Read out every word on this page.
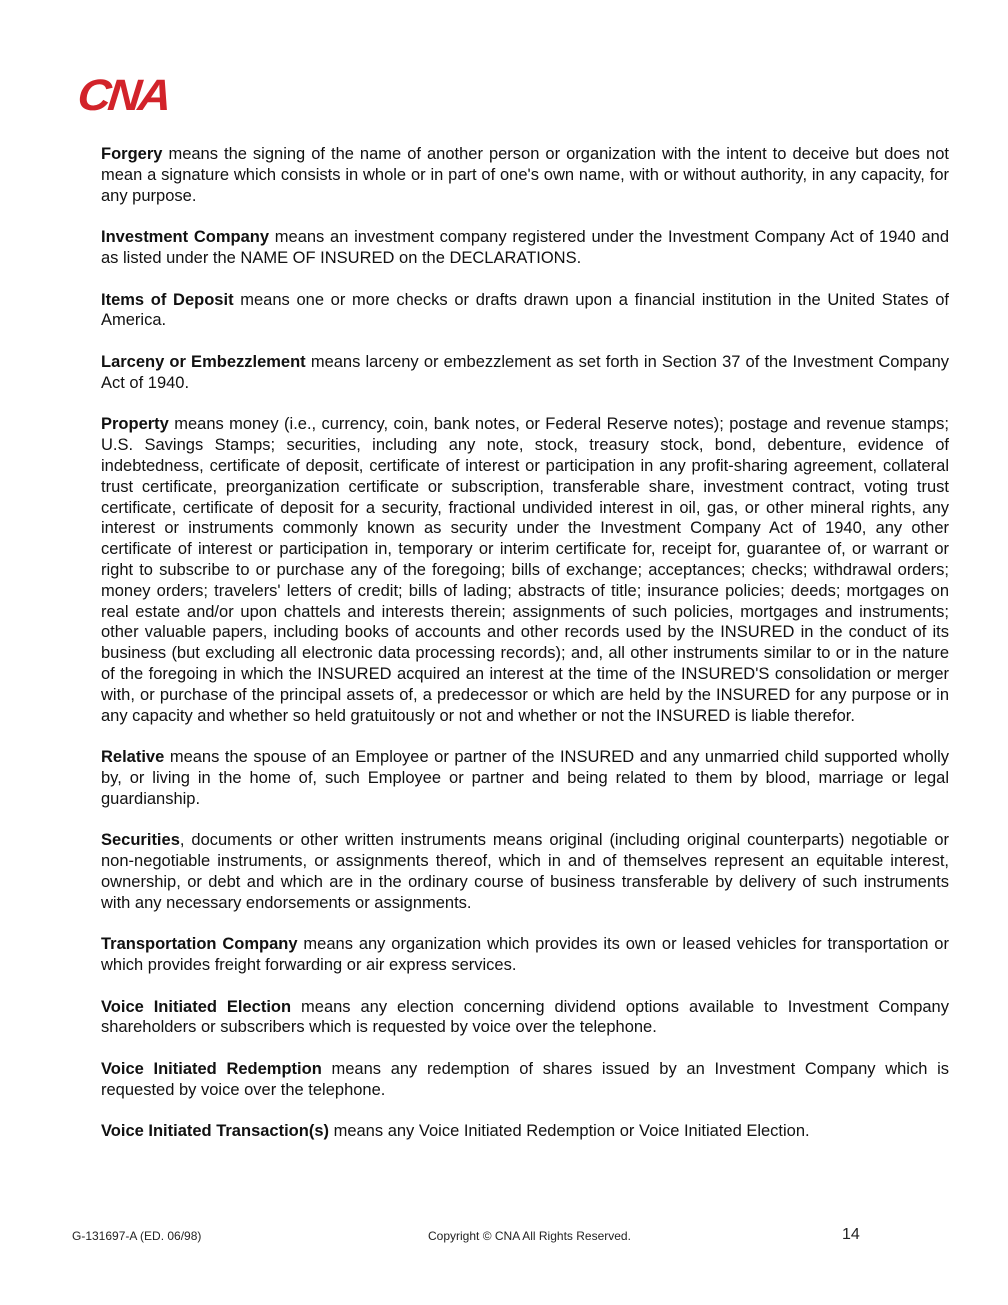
CNA

Forgery means the signing of the name of another person or organization with the intent to deceive but does not mean a signature which consists in whole or in part of one's own name, with or without authority, in any capacity, for any purpose.

Investment Company means an investment company registered under the Investment Company Act of 1940 and as listed under the NAME OF INSURED on the DECLARATIONS.

Items of Deposit means one or more checks or drafts drawn upon a financial institution in the United States of America.

Larceny or Embezzlement means larceny or embezzlement as set forth in Section 37 of the Investment Company Act of 1940.

Property means money (i.e., currency, coin, bank notes, or Federal Reserve notes); postage and revenue stamps; U.S. Savings Stamps; securities, including any note, stock, treasury stock, bond, debenture, evidence of indebtedness, certificate of deposit, certificate of interest or participation in any profit-sharing agreement, collateral trust certificate, preorganization certificate or subscription, transferable share, investment contract, voting trust certificate, certificate of deposit for a security, fractional undivided interest in oil, gas, or other mineral rights, any interest or instruments commonly known as security under the Investment Company Act of 1940, any other certificate of interest or participation in, temporary or interim certificate for, receipt for, guarantee of, or warrant or right to subscribe to or purchase any of the foregoing; bills of exchange; acceptances; checks; withdrawal orders; money orders; travelers' letters of credit; bills of lading; abstracts of title; insurance policies; deeds; mortgages on real estate and/or upon chattels and interests therein; assignments of such policies, mortgages and instruments; other valuable papers, including books of accounts and other records used by the INSURED in the conduct of its business (but excluding all electronic data processing records); and, all other instruments similar to or in the nature of the foregoing in which the INSURED acquired an interest at the time of the INSURED'S consolidation or merger with, or purchase of the principal assets of, a predecessor or which are held by the INSURED for any purpose or in any capacity and whether so held gratuitously or not and whether or not the INSURED is liable therefor.

Relative means the spouse of an Employee or partner of the INSURED and any unmarried child supported wholly by, or living in the home of, such Employee or partner and being related to them by blood, marriage or legal guardianship.

Securities, documents or other written instruments means original (including original counterparts) negotiable or non-negotiable instruments, or assignments thereof, which in and of themselves represent an equitable interest, ownership, or debt and which are in the ordinary course of business transferable by delivery of such instruments with any necessary endorsements or assignments.

Transportation Company means any organization which provides its own or leased vehicles for transportation or which provides freight forwarding or air express services.

Voice Initiated Election means any election concerning dividend options available to Investment Company shareholders or subscribers which is requested by voice over the telephone.

Voice Initiated Redemption means any redemption of shares issued by an Investment Company which is requested by voice over the telephone.

Voice Initiated Transaction(s) means any Voice Initiated Redemption or Voice Initiated Election.

G-131697-A (ED. 06/98)	Copyright © CNA All Rights Reserved.	14
